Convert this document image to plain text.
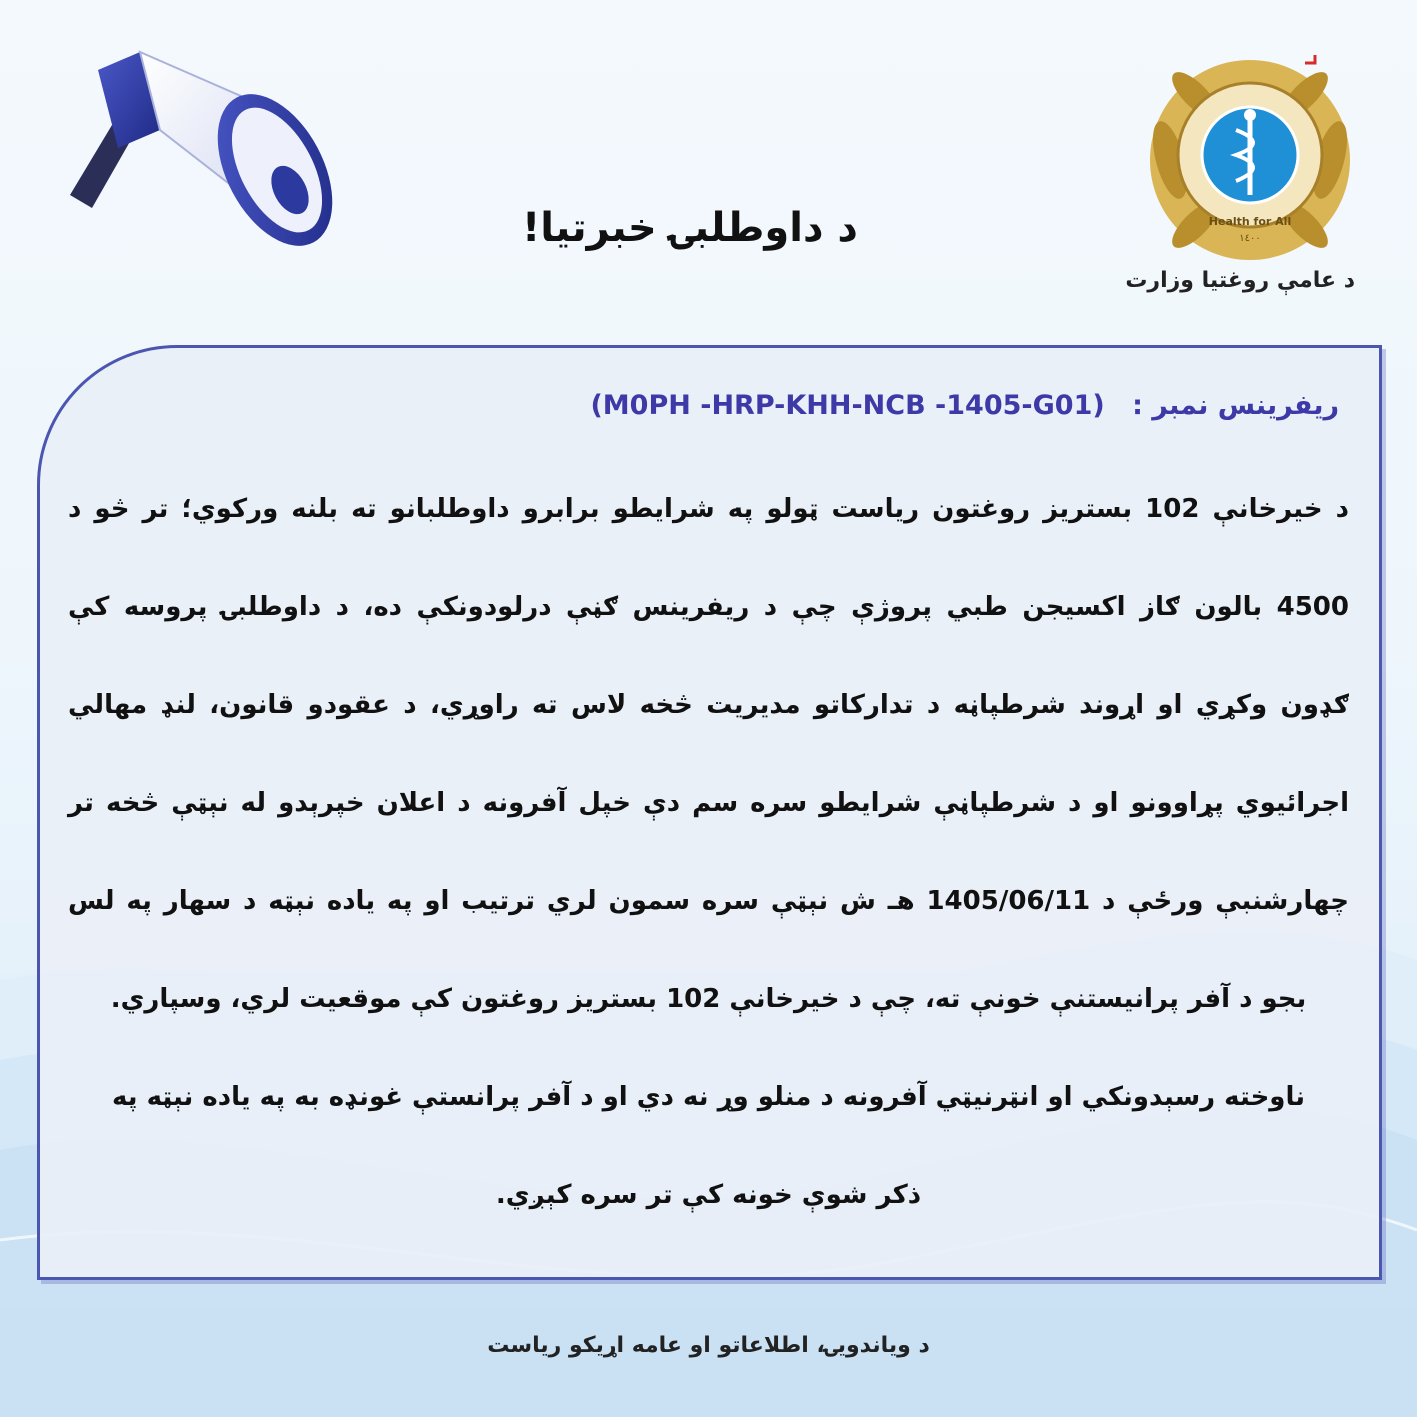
Health for All
١٤٠٠
د عامې روغتیا وزارت
د داوطلبۍ خبرتیا!
ریفرینس نمبر : (M0PH -HRP-KHH-NCB -1405-G01)

د خیرخانې 102 بستریز روغتون ریاست ټولو په شرایطو برابرو داوطلبانو ته بلنه ورکوي؛ تر څو د

4500 بالون ګاز اکسیجن طبي پروژې چې د ریفرینس ګڼې درلودونکې ده، د داوطلبۍ پروسه کې

ګډون وکړي او اړوند شرطپاڼه د تدارکاتو مدیریت څخه لاس ته راوړي، د عقودو قانون، لنډ مهالي

اجرائیوي پړاوونو او د شرطپاڼې شرایطو سره سم دې خپل آفرونه د اعلان خپرېدو له نېټې څخه تر

چهارشنبې ورځې د 1405/06/11 هـ ش نېټې سره سمون لري ترتیب او په یاده نېټه د سهار په لس

بجو د آفر پرانیستنې خونې ته، چې د خیرخانې 102 بستریز روغتون کې موقعیت لري، وسپاري.

ناوخته رسېدونکي او انټرنیټي آفرونه د منلو وړ نه دي او د آفر پرانستې غونډه به په یاده نېټه په

ذکر شوې خونه کې تر سره کېږي.

د ویاندویۍ، اطلاعاتو او عامه اړیکو ریاست
